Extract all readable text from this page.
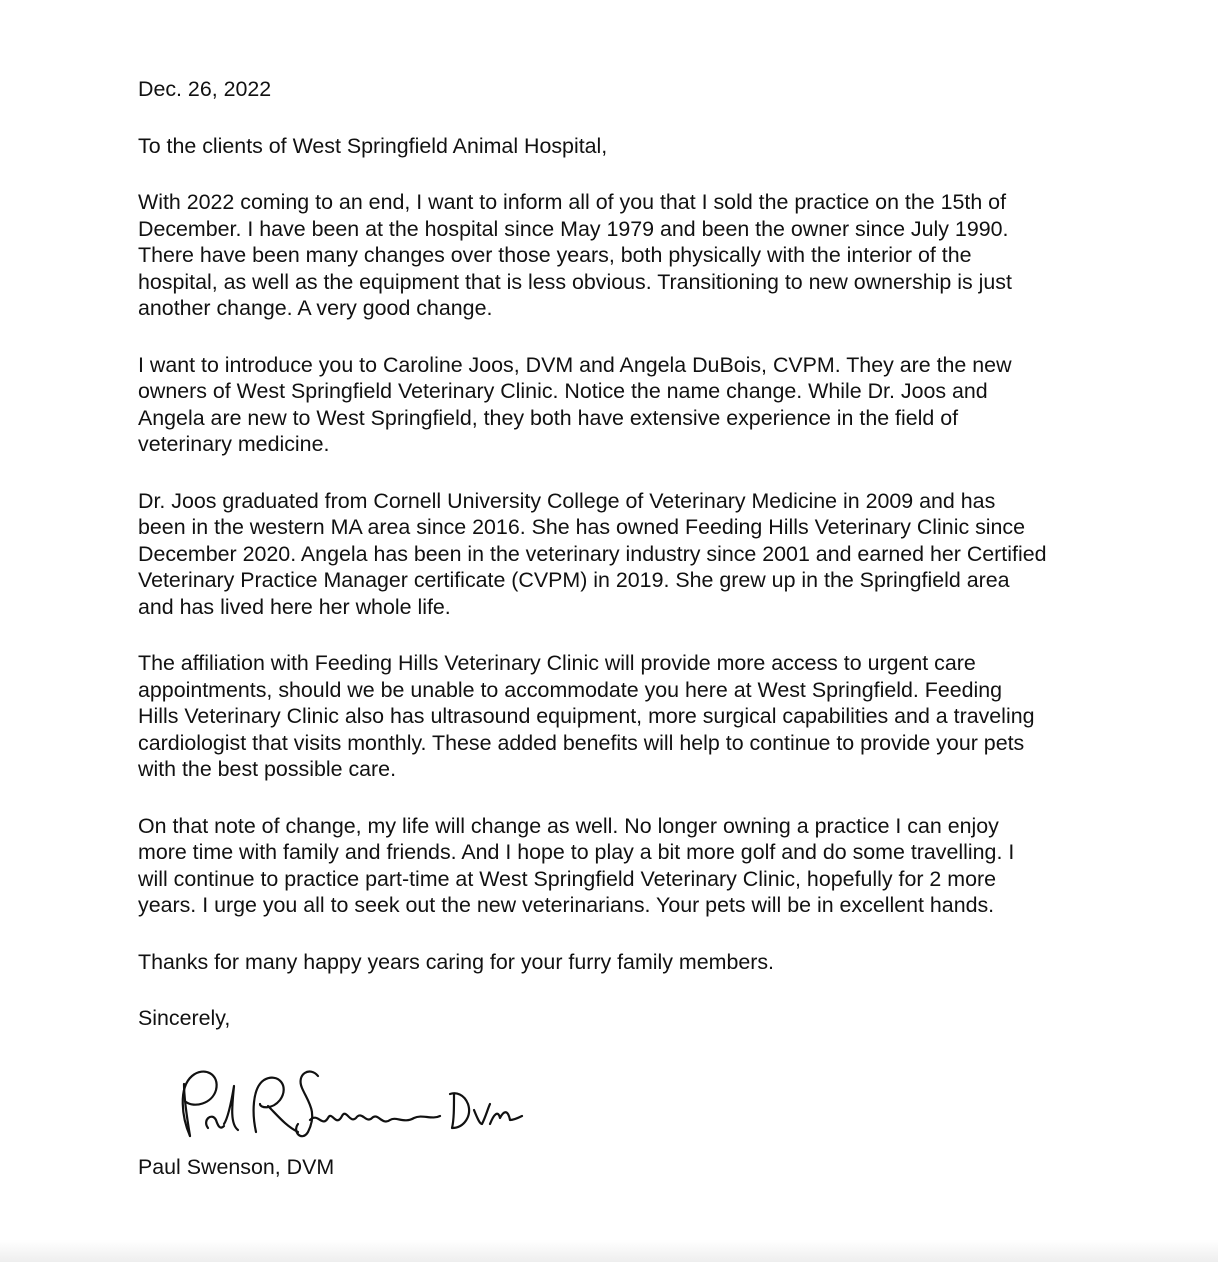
Dec. 26, 2022

To the clients of West Springfield Animal Hospital,

With 2022 coming to an end, I want to inform all of you that I sold the practice on the 15th of
December. I have been at the hospital since May 1979 and been the owner since July 1990.
There have been many changes over those years, both physically with the interior of the
hospital, as well as the equipment that is less obvious. Transitioning to new ownership is just
another change. A very good change.

I want to introduce you to Caroline Joos, DVM and Angela DuBois, CVPM. They are the new
owners of West Springfield Veterinary Clinic. Notice the name change. While Dr. Joos and
Angela are new to West Springfield, they both have extensive experience in the field of
veterinary medicine.

Dr. Joos graduated from Cornell University College of Veterinary Medicine in 2009 and has
been in the western MA area since 2016. She has owned Feeding Hills Veterinary Clinic since
December 2020. Angela has been in the veterinary industry since 2001 and earned her Certified
Veterinary Practice Manager certificate (CVPM) in 2019. She grew up in the Springfield area
and has lived here her whole life.

The affiliation with Feeding Hills Veterinary Clinic will provide more access to urgent care
appointments, should we be unable to accommodate you here at West Springfield. Feeding
Hills Veterinary Clinic also has ultrasound equipment, more surgical capabilities and a traveling
cardiologist that visits monthly. These added benefits will help to continue to provide your pets
with the best possible care.

On that note of change, my life will change as well. No longer owning a practice I can enjoy
more time with family and friends. And I hope to play a bit more golf and do some travelling. I
will continue to practice part-time at West Springfield Veterinary Clinic, hopefully for 2 more
years. I urge you all to seek out the new veterinarians. Your pets will be in excellent hands.

Thanks for many happy years caring for your furry family members.

Sincerely,

Paul Swenson, DVM
